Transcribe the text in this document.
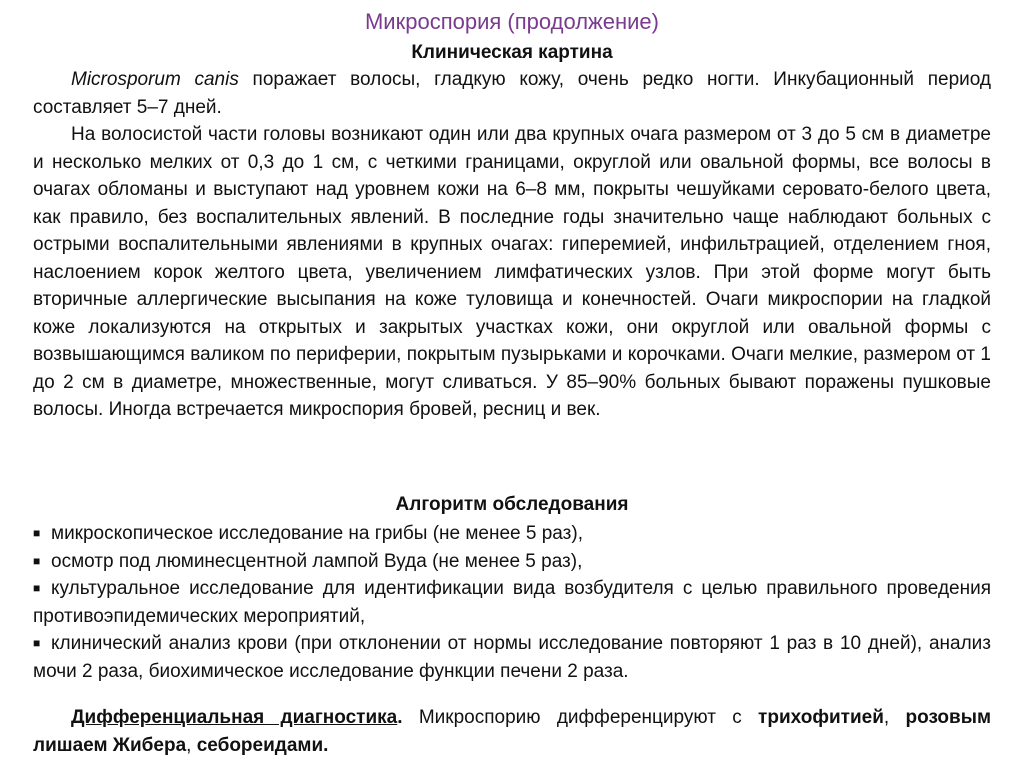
Микроспория (продолжение)
Клиническая картина

Microsporum canis поражает волосы, гладкую кожу, очень редко ногти. Инкубационный период составляет 5–7 дней.

На волосистой части головы возникают один или два крупных очага размером от 3 до 5 см в диаметре и несколько мелких от 0,3 до 1 см, с четкими границами, округлой или овальной формы, все волосы в очагах обломаны и выступают над уровнем кожи на 6–8 мм, покрыты чешуйками серовато-белого цвета, как правило, без воспалительных явлений. В последние годы значительно чаще наблюдают больных с острыми воспалительными явлениями в крупных очагах: гиперемией, инфильтрацией, отделением гноя, наслоением корок желтого цвета, увеличением лимфатических узлов. При этой форме могут быть вторичные аллергические высыпания на коже туловища и конечностей. Очаги микроспории на гладкой коже локализуются на открытых и закрытых участках кожи, они округлой или овальной формы с возвышающимся валиком по периферии, покрытым пузырьками и корочками. Очаги мелкие, размером от 1 до 2 см в диаметре, множественные, могут сливаться. У 85–90% больных бывают поражены пушковые волосы. Иногда встречается микроспория бровей, ресниц и век.

Алгоритм обследования
■ микроскопическое исследование на грибы (не менее 5 раз),
■ осмотр под люминесцентной лампой Вуда (не менее 5 раз),
■ культуральное исследование для идентификации вида возбудителя с целью правильного проведения противоэпидемических мероприятий,
■ клинический анализ крови (при отклонении от нормы исследование повторяют 1 раз в 10 дней), анализ мочи 2 раза, биохимическое исследование функции печени 2 раза.

Дифференциальная диагностика. Микроспорию дифференцируют с трихофитией, розовым лишаем Жибера, себореидами.
